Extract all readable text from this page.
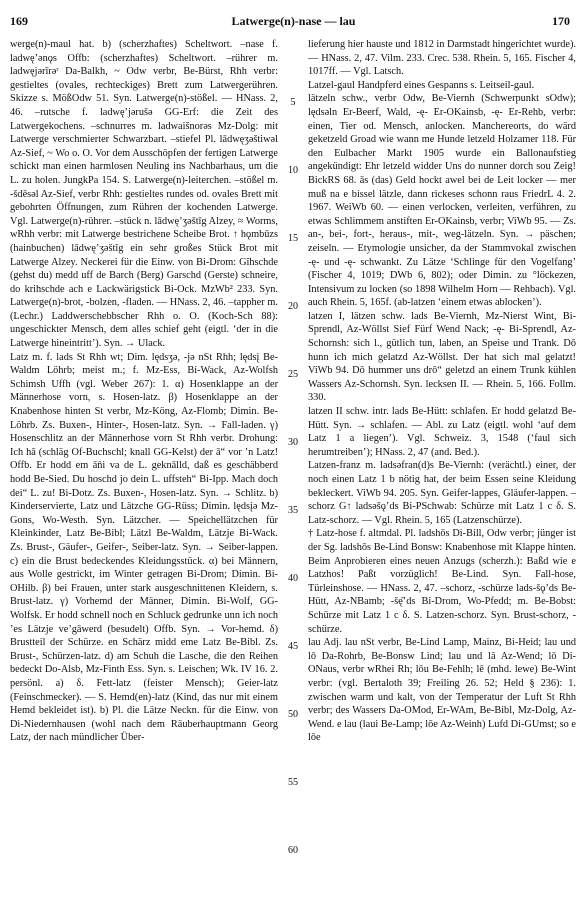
169	Latwerge(n)-nase — lau	170

werge(n)-maul hat. b) (scherzhaftes) Scheltwort. –nase f. ladwęʼənǫs Offb: (scherzhaftes) Scheltwort. –rührer m. ladwęjǝrīrǝʳ Da-Balkh, ~ Odw verbr, Be-Bürst, Rhh verbr: gestieltes (ovales, rechteckiges) Brett zum Latwergerühren. Skizze s. MößOdw 51. Syn. Latwerge(n)-stößel. — HNass. 2, 46. –rutsche f. ladwęʼjǝrušǝ GG-Erf: die Zeit des Latwergekochens. –schnurres m. ladwaišnorəs Mz-Dolg: mit Latwerge verschmierter Schwarzbart. –stiefel Pl. lādwęʒǝštiwǝl Az-Sief, ~ Wo o. O. Vor dem Ausschöpfen der fertigen Latwerge schickt man einen harmlosen Neuling ins Nachbarhaus, um die L. zu holen. JungkPa 154. S. Latwerge(n)-leiterchen. –stößel m. -šdēsǝl Az-Sief, verbr Rhh: gestieltes rundes od. ovales Brett mit gebohrten Öffnungen, zum Rühren der kochenden Latwerge. Vgl. Latwerge(n)-rührer. –stück n. lādwęʼʒǝštīg Alzey, ≈ Worms, wRhh verbr: mit Latwerge bestrichene Scheibe Brot. ↑ hǫmbūzs (hainbuchen) lādwęʼʒǝštīg ein sehr großes Stück Brot mit Latwerge Alzey. Neckerei für die Einw. von Bi-Drom: Gîhschde (gehst du) medd uff de Barch (Berg) Garschd (Gerste) schneire, do krihschde ach e Lackwärigstick Bi-Ock. MzWb² 233. Syn. Latwerge(n)-brot, -bolzen, -fladen. — HNass. 2, 46. –tappher m. (Lechr.) Laddwerschebbscher Rhh o. O. (Koch-Sch 88): ungeschickter Mensch, dem alles schief geht (eigtl. ‘der in die Latwerge hineintritt’). Syn. → Ulack.

Latz m. f. lads St Rhh wt; Dim. lędsʒǝ, -jǝ nSt Rhh; lędsį Be-Waldm Löhrb; meist m.; f. Mz-Ess, Bi-Wack, Az-Wolfsh Schimsh Uffh (vgl. Weber 267): 1. α) Hosenklappe an der Männerhose vorn, s. Hosen-latz. β) Hosenklappe an der Knabenhose hinten St verbr, Mz-Köng, Az-Flomb; Dimin. Be-Löhrb. Zs. Buxen-, Hinter-, Hosen-latz. Syn. → Fall-laden. γ) Hosenschlitz an der Männerhose vorn St Rhh verbr. Drohung: Ich hā (schläg Of-Buchschl; knall GG-Kelst) der ā“ vor ’n Latz! Offb. Er hodd em ān̄i va de L. geknālld, daß es geschäbberd hodd Be-Sied. Du hoschd jo dein L. uffsteh“ Bi-Ipp. Mach doch dei“ L. zu! Bi-Dotz. Zs. Buxen-, Hosen-latz. Syn. → Schlitz. b) Kinderservierte, Latz und Lätzche GG-Rüss; Dimin. lędsįǝ Mz-Gons, Wo-Westh. Syn. Lätzcher. — Speichellätzchen für Kleinkinder, Latz Be-Bibl; Lätzl Be-Waldm, Lätzje Bi-Wack. Zs. Brust-, Gäufer-, Geifer-, Seiber-latz. Syn. → Seiber-lappen. c) ein die Brust bedeckendes Kleidungsstück. α) bei Männern, aus Wolle gestrickt, im Winter getragen Bi-Drom; Dimin. Bi-OHilb. β) bei Frauen, unter stark ausgeschnittenen Kleidern, s. Brust-latz. γ) Vorhemd der Männer, Dimin. Bi-Wolf, GG-Wolfsk. Er hodd schnell noch en Schluck gedrunke unn ich noch ’es Lätzje ve’gāwerd (besudelt) Offb. Syn. → Vor-hemd. δ) Brustteil der Schürze. en Schärz midd eme Latz Be-Bibl. Zs. Brust-, Schürzen-latz. d) am Schuh die Lasche, die den Reihen bedeckt Do-Alsb, Mz-Finth Ess. Syn. s. Leischen; Wk. IV 16. 2. persönl. a) δ. Fett-latz (feister Mensch); Geier-latz (Feinschmecker). — S. Hemd(en)-latz (Kind, das nur mit einem Hemd bekleidet ist). b) Pl. die Lätze Neckn. für die Einw. von Di-Niedernhausen (wohl nach dem Räuberhauptmann Georg Latz, der nach mündlicher Über-

5
10
15
20
25
30
35
40
45
50
55
60

lieferung hier hauste und 1812 in Darmstadt hingerichtet wurde). — HNass. 2, 47. Vilm. 233. Crec. 538. Rhein. 5, 165. Fischer 4, 1017ff. — Vgl. Latsch.

Latzel-gaul Handpferd eines Gespanns s. Leitseil-gaul.

lätzeln schw., verbr Odw, Be-Viernh (Schwerpunkt sOdw); lędsǝln Er-Beerf, Wald, -ę- Er-OKainsb, -ę- Er-Rehb, verbr: einen, Tier od. Mensch, anlocken. Manchereorts, do wärd geketzeld Groad wie wann me Hunde letzeld Holzamer 118. Für den Eulbacher Markt 1905 wurde ein Ballonaufstieg angekündigt: Ehr letzeld widder Uns do nunner dorch sou Zeig! BickRS 68. ās (das) Geld hockt awel bei de Leit locker — mer muß na e bissel lätzle, dann rickeses schonn raus FriedrL 4. 2. 1967. WeiWb 60. — einen verlocken, verleiten, verführen, zu etwas Schlimmem anstiften Er-OKainsb, verbr; ViWb 95. — Zs. an-, bei-, fort-, heraus-, mit-, weg-lätzeln. Syn. → päschen; zeiseln. — Etymologie unsicher, da der Stammvokal zwischen -ę- und -ę- schwankt. Zu Lätze ‘Schlinge für den Vogelfang’ (Fischer 4, 1019; DWb 6, 802); oder Dimin. zu °löckezen, Intensivum zu locken (so 1898 Wilhelm Horn — Rehbach). Vgl. auch Rhein. 5, 165f. (ab-latzen ‘einem etwas ablocken’).

latzen I, lätzen schw. lads Be-Viernh, Mz-Nierst Wint, Bi-Sprendl, Az-Wöllst Sief Fürf Wend Nack; -ę- Bi-Sprendl, Az-Schornsh: sich l., gütlich tun, laben, an Speise und Trank. Dō hunn ich mich gelatzd Az-Wöllst. Der hat sich mal gelatzt! ViWb 94. Dō hummer uns drō“ geletzd an einem Trunk kühlen Wassers Az-Schornsh. Syn. lecksen II. — Rhein. 5, 166. Follm. 330.

latzen II schw. intr. lads Be-Hütt: schlafen. Er hodd gelatzd Be-Hütt. Syn. → schlafen. — Abl. zu Latz (eigtl. wohl ‘auf dem Latz 1 a liegen’). Vgl. Schweiz. 3, 1548 (‘faul sich herumtreiben’); HNass. 2, 47 (and. Bed.).

Latzen-franz m. ladsǝfran(d)s Be-Viernh: (verächtl.) einer, der noch einen Latz 1 b nötig hat, der beim Essen seine Kleidung bekleckert. ViWb 94. 205. Syn. Geifer-lappes, Gläufer-lappen. –schorz G↑ ladsǝšǫʼds Bi-PSchwab: Schürze mit Latz 1 c δ. S. Latz-schorz. — Vgl. Rhein. 5, 165 (Latzenschürze).

† Latz-hose f. altmdal. Pl. ladshōs Di-Bill, Odw verbr; jünger ist der Sg. ladshōs Be-Lind Bonsw: Knabenhose mit Klappe hinten. Beim Anprobieren eines neuen Anzugs (scherzh.): Baßd wie e Latzhos! Paßt vorzüglich! Be-Lind. Syn. Fall-hose, Türleinshose. — HNass. 2, 47. –schorz, -schürze lads-šǫʼds Be-Hütt, Az-NBamb; -šę̄ʼds Bi-Drom, Wo-Pfedd; m. Be-Bobst: Schürze mit Latz 1 c δ. S. Latzen-schorz. Syn. Brust-schorz, -schürze.

lau Adj. lau nSt verbr, Be-Lind Lamp, Mainz, Bi-Heid; lau und lō Da-Rohrb, Be-Bonsw Lind; lau und lā Az-Wend; lō Di-ONaus, verbr wRhei Rh; lōu Be-Fehlh; lē (mhd. lewe) Be-Wint verbr: (vgl. Bertaloth 39; Freiling 26. 52; Held § 236): 1. zwischen warm und kalt, von der Temperatur der Luft St Rhh verbr; des Wassers Da-OMod, Er-WAm, Be-Bibl, Mz-Dolg, Az-Wend. e lau (laui Be-Lamp; lōe Az-Weinh) Lufd Di-GUmst; so e lōe
